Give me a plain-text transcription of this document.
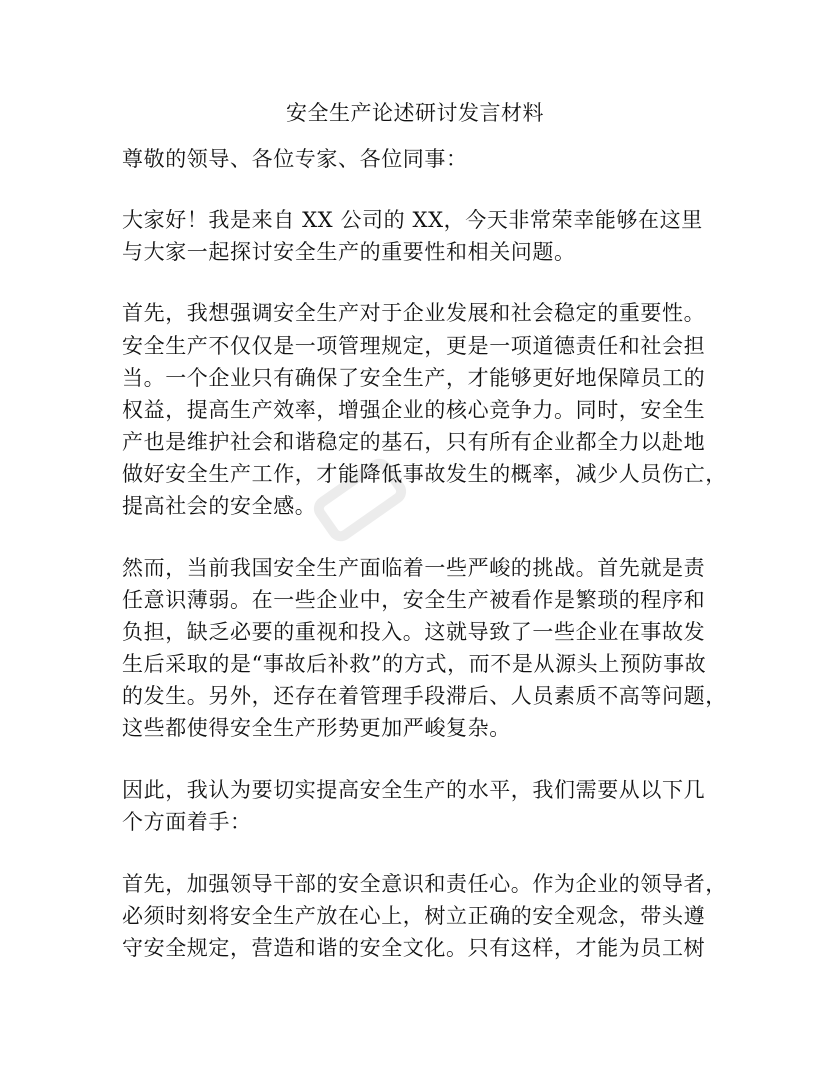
安全生产论述研讨发言材料
尊敬的领导、各位专家、各位同事：
大家好！我是来自 XX 公司的 XX，今天非常荣幸能够在这里
与大家一起探讨安全生产的重要性和相关问题。
首先，我想强调安全生产对于企业发展和社会稳定的重要性。
安全生产不仅仅是一项管理规定，更是一项道德责任和社会担
当。一个企业只有确保了安全生产，才能够更好地保障员工的
权益，提高生产效率，增强企业的核心竞争力。同时，安全生
产也是维护社会和谐稳定的基石，只有所有企业都全力以赴地
做好安全生产工作，才能降低事故发生的概率，减少人员伤亡，
提高社会的安全感。
然而，当前我国安全生产面临着一些严峻的挑战。首先就是责
任意识薄弱。在一些企业中，安全生产被看作是繁琐的程序和
负担，缺乏必要的重视和投入。这就导致了一些企业在事故发
生后采取的是“事故后补救”的方式，而不是从源头上预防事故
的发生。另外，还存在着管理手段滞后、人员素质不高等问题，
这些都使得安全生产形势更加严峻复杂。
因此，我认为要切实提高安全生产的水平，我们需要从以下几
个方面着手：
首先，加强领导干部的安全意识和责任心。作为企业的领导者，
必须时刻将安全生产放在心上，树立正确的安全观念，带头遵
守安全规定，营造和谐的安全文化。只有这样，才能为员工树
